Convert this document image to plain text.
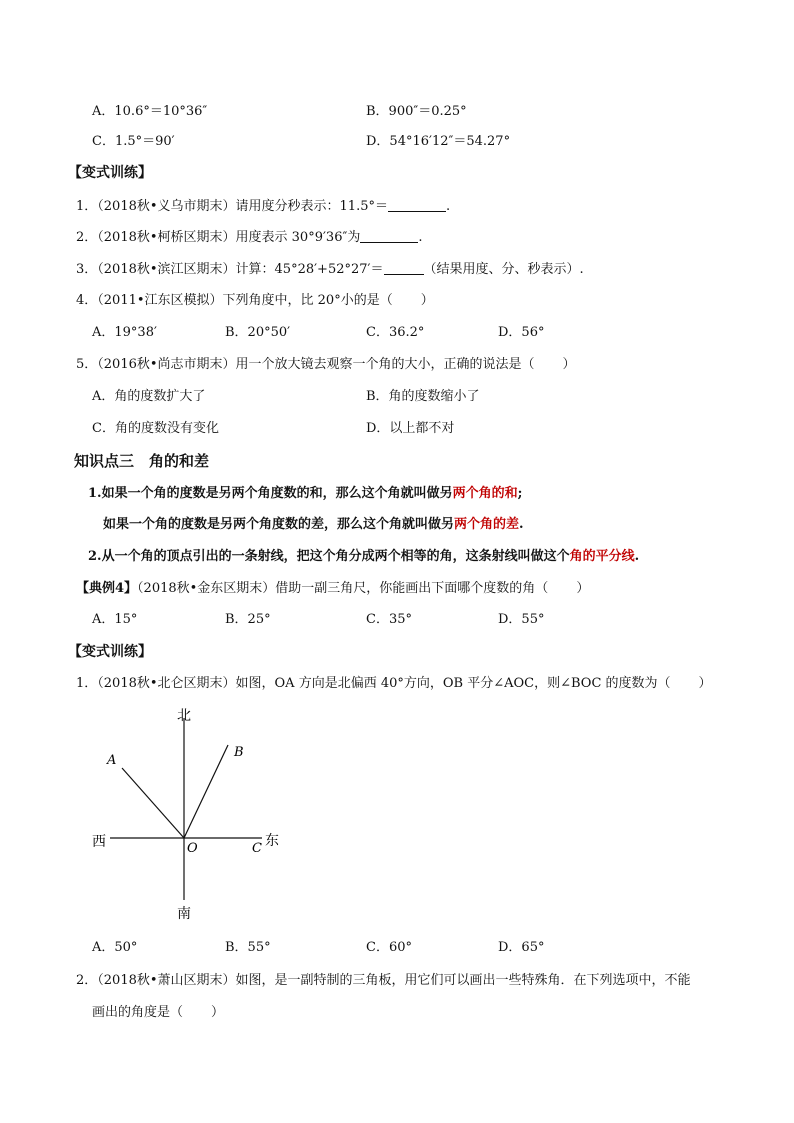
A．10.6°＝10°36″	B．900″＝0.25°
C．1.5°＝90′	D．54°16′12″＝54.27°
【变式训练】
1．（2018秋•义乌市期末）请用度分秒表示：11.5°＝	.
2．（2018秋•柯桥区期末）用度表示 30°9′36″为	.
3．（2018秋•滨江区期末）计算：45°28′+52°27′＝	（结果用度、分、秒表示）.
4．（2011•江东区模拟）下列角度中，比 20°小的是（ ）
A．19°38′	B．20°50′	C．36.2°	D．56°
5．（2016秋•尚志市期末）用一个放大镜去观察一个角的大小，正确的说法是（ ）
A．角的度数扩大了	B．角的度数缩小了
C．角的度数没有变化	D．以上都不对
知识点三　角的和差
1.如果一个角的度数是另两个角度数的和，那么这个角就叫做另两个角的和;
如果一个角的度数是另两个角度数的差，那么这个角就叫做另两个角的差.
2.从一个角的顶点引出的一条射线，把这个角分成两个相等的角，这条射线叫做这个角的平分线.
【典例4】（2018秋•金东区期末）借助一副三角尺，你能画出下面哪个度数的角（ ）
A．15°	B．25°	C．35°	D．55°
【变式训练】
1．（2018秋•北仑区期末）如图，OA 方向是北偏西 40°方向，OB 平分∠AOC，则∠BOC 的度数为（ ）
北
南
西	东
A
B
O	C
A．50°	B．55°	C．60°	D．65°
2．（2018秋•萧山区期末）如图，是一副特制的三角板，用它们可以画出一些特殊角．在下列选项中，不能
画出的角度是（ ）
